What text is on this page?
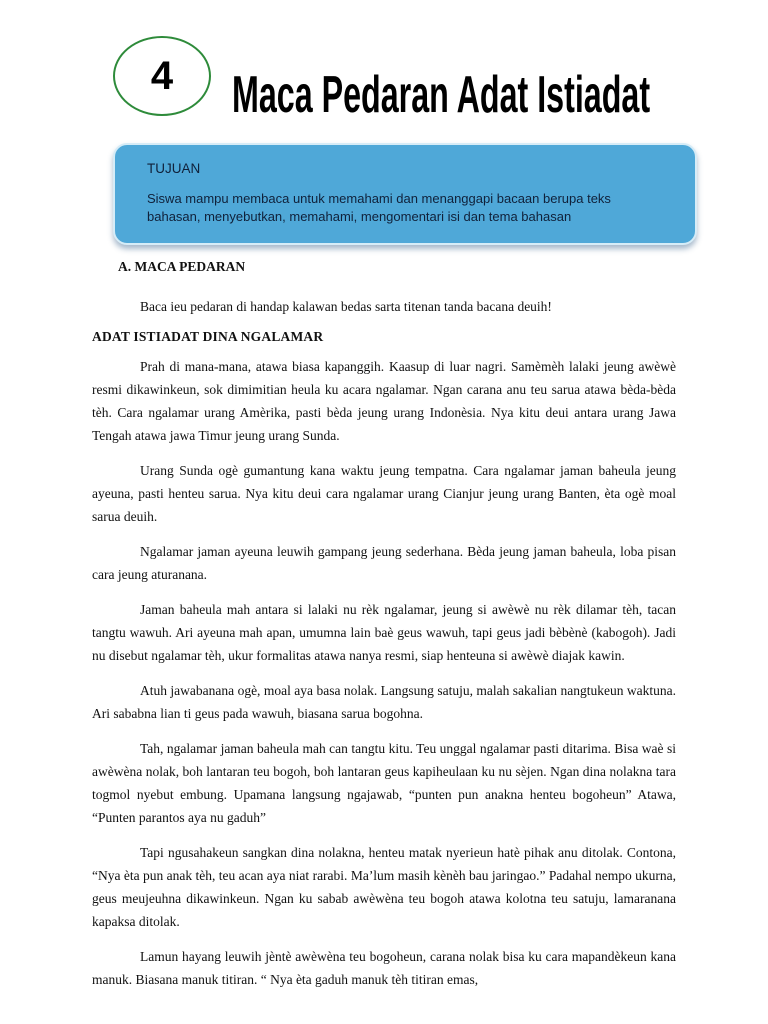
4 Maca Pedaran Adat Istiadat
TUJUAN
Siswa mampu membaca untuk memahami dan menanggapi bacaan berupa teks bahasan, menyebutkan, memahami, mengomentari isi dan tema bahasan
A. MACA PEDARAN

Baca ieu pedaran di handap kalawan bedas sarta titenan tanda bacana deuih!

ADAT ISTIADAT DINA NGALAMAR

Prah di mana-mana, atawa biasa kapanggih. Kaasup di luar nagri. Samèmèh lalaki jeung awèwè resmi dikawinkeun, sok dimimitian heula ku acara ngalamar. Ngan carana anu teu sarua atawa bèda-bèda tèh. Cara ngalamar urang Amèrika, pasti bèda jeung urang Indonèsia. Nya kitu deui antara urang Jawa Tengah atawa jawa Timur jeung urang Sunda.

Urang Sunda ogè gumantung kana waktu jeung tempatna. Cara ngalamar jaman baheula jeung ayeuna, pasti henteu sarua. Nya kitu deui cara ngalamar urang Cianjur jeung urang Banten, èta ogè moal sarua deuih.

Ngalamar jaman ayeuna leuwih gampang jeung sederhana. Bèda jeung jaman baheula, loba pisan cara jeung aturanana.

Jaman baheula mah antara si lalaki nu rèk ngalamar, jeung si awèwè nu rèk dilamar tèh, tacan tangtu wawuh. Ari ayeuna mah apan, umumna lain baè geus wawuh, tapi geus jadi bèbènè (kabogoh). Jadi nu disebut ngalamar tèh, ukur formalitas atawa nanya resmi, siap henteuna si awèwè diajak kawin.

Atuh jawabanana ogè, moal aya basa nolak. Langsung satuju, malah sakalian nangtukeun waktuna. Ari sababna lian ti geus pada wawuh, biasana sarua bogohna.

Tah, ngalamar jaman baheula mah can tangtu kitu. Teu unggal ngalamar pasti ditarima. Bisa waè si awèwèna nolak, boh lantaran teu bogoh, boh lantaran geus kapiheulaan ku nu sèjen. Ngan dina nolakna tara togmol nyebut embung. Upamana langsung ngajawab, “punten pun anakna henteu bogoheun” Atawa, “Punten parantos aya nu gaduh”

Tapi ngusahakeun sangkan dina nolakna, henteu matak nyerieun hatè pihak anu ditolak. Contona, “Nya èta pun anak tèh, teu acan aya niat rarabi. Ma’lum masih kènèh bau jaringao.” Padahal nempo ukurna, geus meujeuhna dikawinkeun. Ngan ku sabab awèwèna teu bogoh atawa kolotna teu satuju, lamaranana kapaksa ditolak.

Lamun hayang leuwih jèntè awèwèna teu bogoheun, carana nolak bisa ku cara mapandèkeun kana manuk. Biasana manuk titiran. “ Nya èta gaduh manuk tèh titiran emas,
